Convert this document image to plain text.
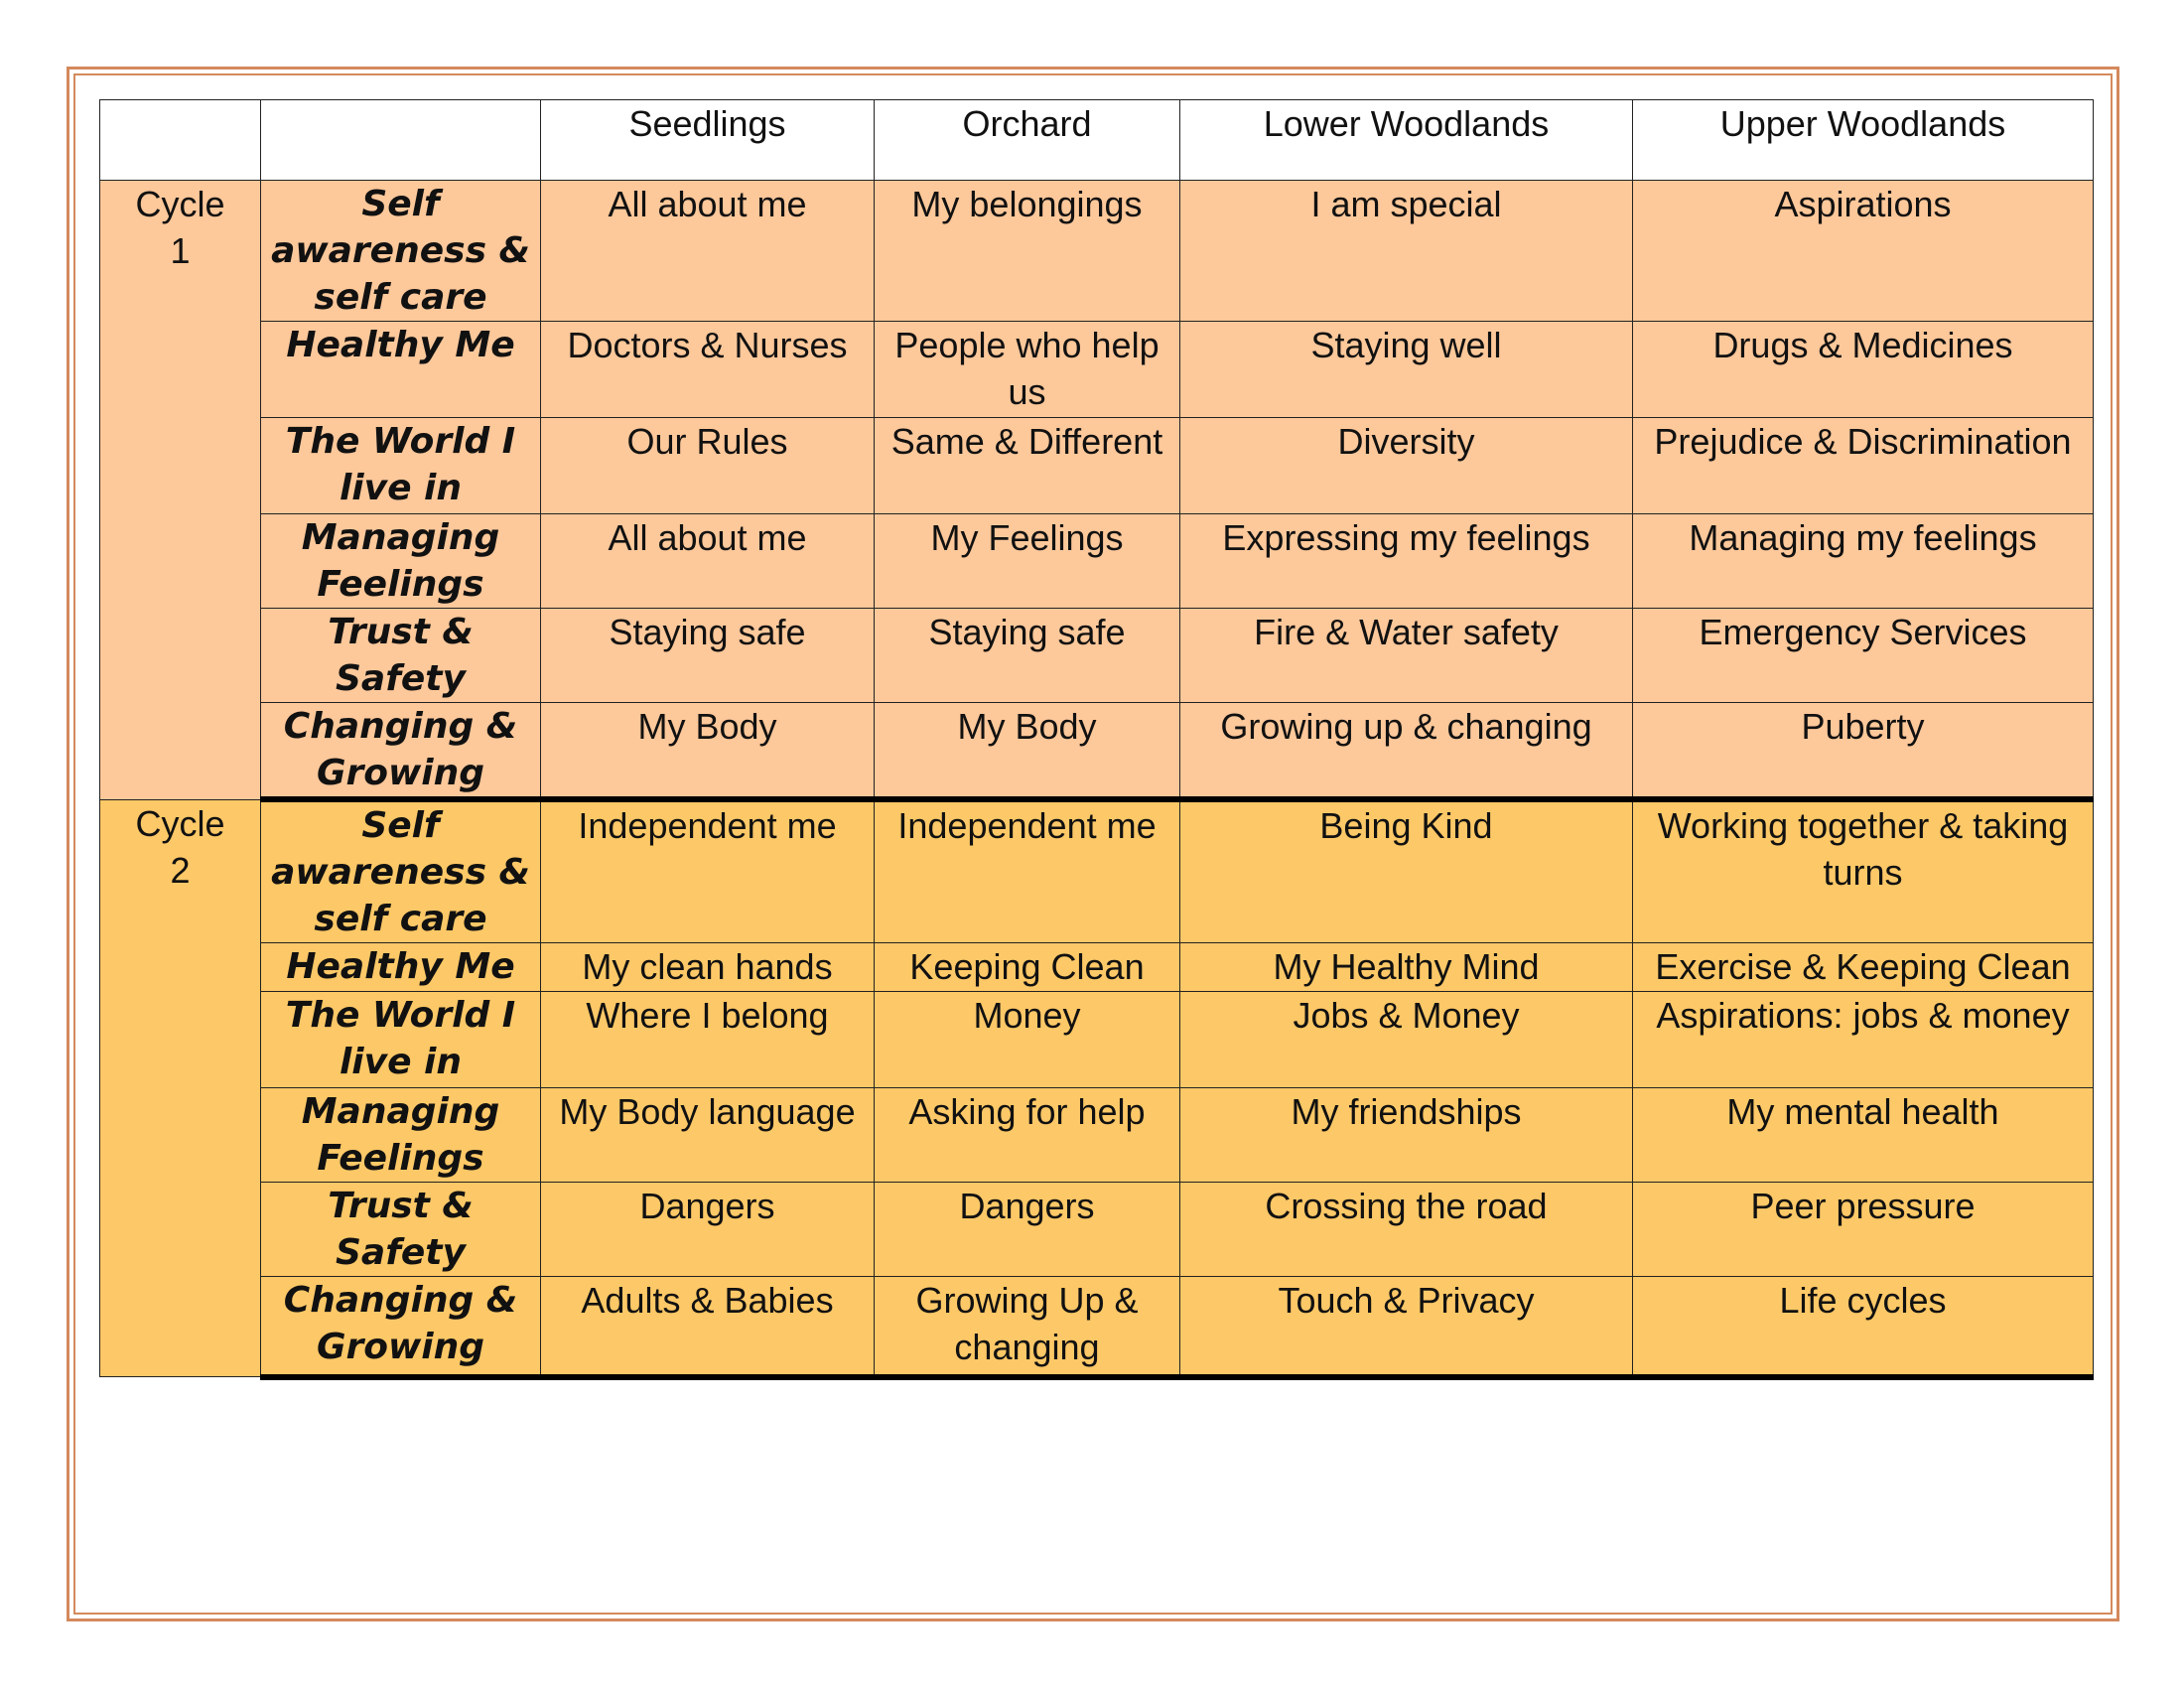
		Seedlings	Orchard	Lower Woodlands	Upper Woodlands
Cycle
1	Self awareness & self care	All about me	My belongings	I am special	Aspirations
	Healthy Me	Doctors & Nurses	People who help us	Staying well	Drugs & Medicines
	The World I live in	Our Rules	Same & Different	Diversity	Prejudice & Discrimination
	Managing Feelings	All about me	My Feelings	Expressing my feelings	Managing my feelings
	Trust & Safety	Staying safe	Staying safe	Fire & Water safety	Emergency Services
	Changing & Growing	My Body	My Body	Growing up & changing	Puberty
Cycle
2	Self awareness & self care	Independent me	Independent me	Being Kind	Working together & taking turns
	Healthy Me	My clean hands	Keeping Clean	My Healthy Mind	Exercise & Keeping Clean
	The World I live in	Where I belong	Money	Jobs & Money	Aspirations: jobs & money
	Managing Feelings	My Body language	Asking for help	My friendships	My mental health
	Trust & Safety	Dangers	Dangers	Crossing the road	Peer pressure
	Changing & Growing	Adults & Babies	Growing Up & changing	Touch & Privacy	Life cycles
